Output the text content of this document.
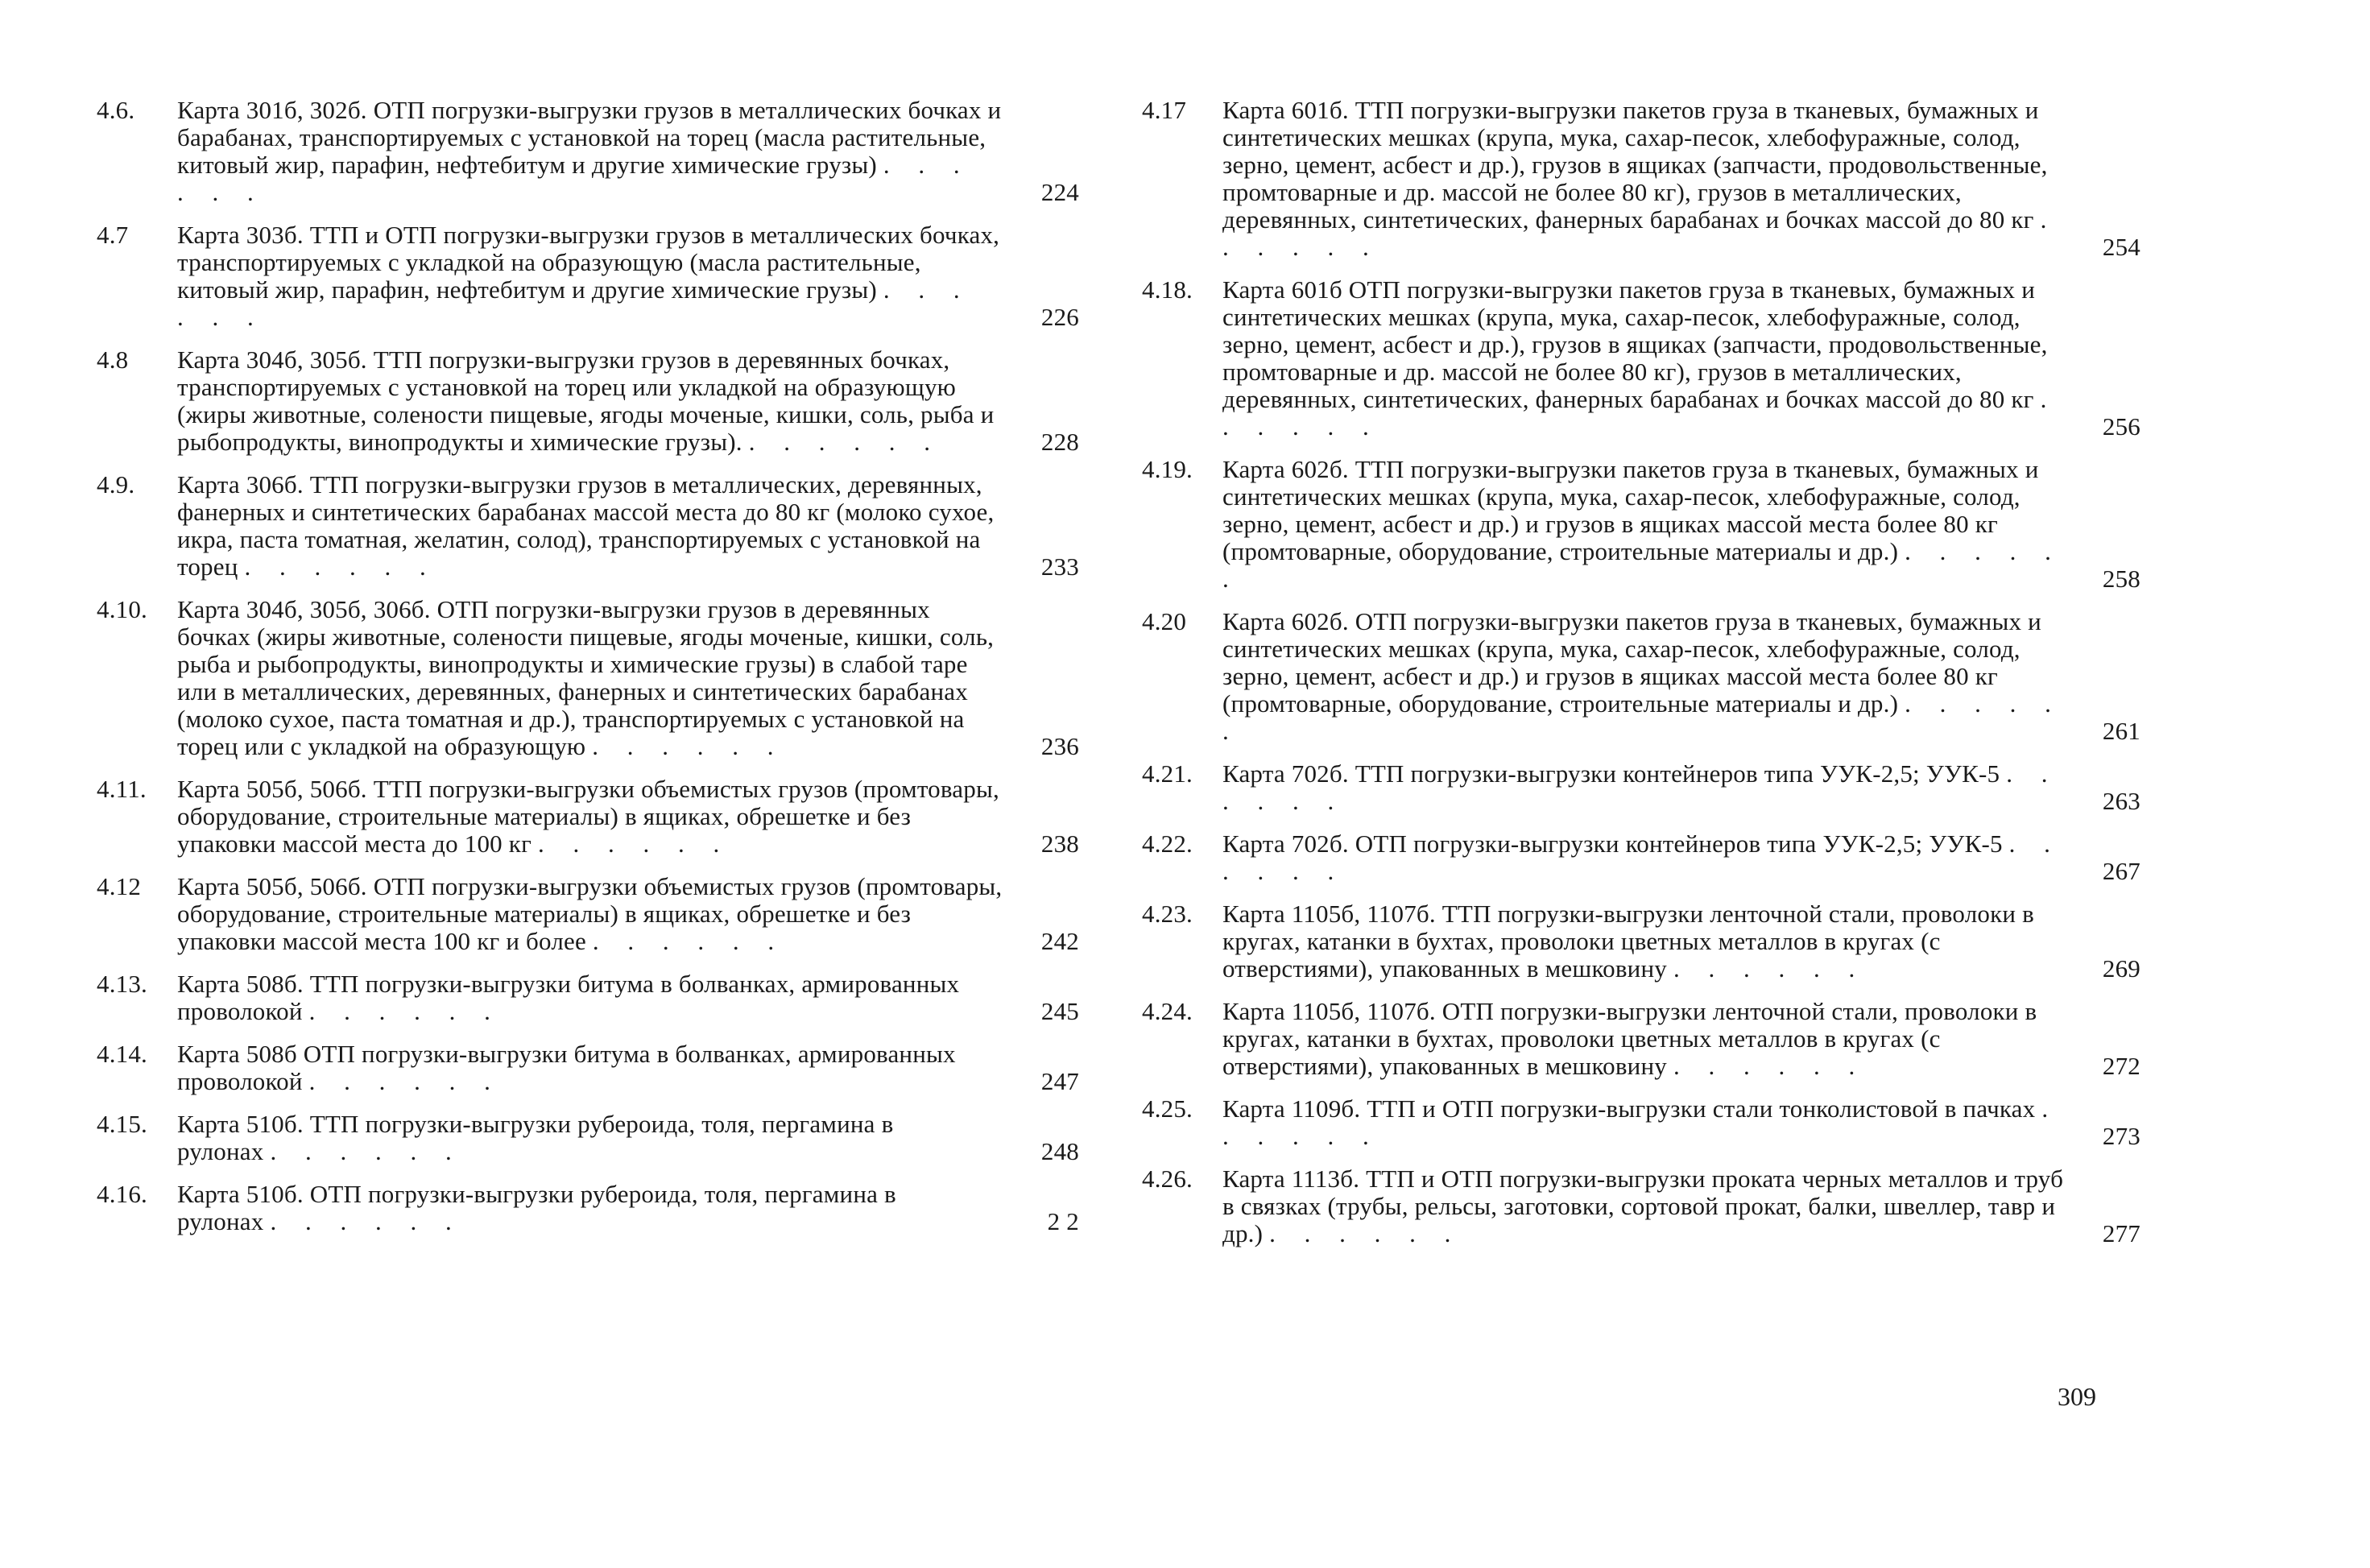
4.6.	Карта 301б, 302б. ОТП погрузки-выгрузки грузов в металлических бочках и барабанах, транспортируемых с установкой на торец (масла растительные, китовый жир, парафин, нефтебитум и другие химические грузы) . . . . . .	224
4.7	Карта 303б. ТТП и ОТП погрузки-выгрузки грузов в металлических бочках, транспортируемых с укладкой на образующую (масла растительные, китовый жир, парафин, нефтебитум и другие химические грузы) . . . . . .	226
4.8	Карта 304б, 305б. ТТП погрузки-выгрузки грузов в деревянных бочках, транспортируемых с установкой на торец или укладкой на образующую (жиры животные, солености пищевые, ягоды моченые, кишки, соль, рыба и рыбопродукты, винопродукты и химические грузы). . . . . . .	228
4.9.	Карта 306б. ТТП погрузки-выгрузки грузов в металлических, деревянных, фанерных и синтетических барабанах массой места до 80 кг (молоко сухое, икра, паста томатная, желатин, солод), транспортируемых с установкой на торец . . . . . .	233
4.10.	Карта 304б, 305б, 306б. ОТП погрузки-выгрузки грузов в деревянных бочках (жиры животные, солености пищевые, ягоды моченые, кишки, соль, рыба и рыбопродукты, винопродукты и химические грузы) в слабой таре или в металлических, деревянных, фанерных и синтетических барабанах (молоко сухое, паста томатная и др.), транспортируемых с установкой на торец или с укладкой на образующую . . . . . .	236
4.11.	Карта 505б, 506б. ТТП погрузки-выгрузки объемистых грузов (промтовары, оборудование, строительные материалы) в ящиках, обрешетке и без упаковки массой места до 100 кг . . . . . .	238
4.12	Карта 505б, 506б. ОТП погрузки-выгрузки объемистых грузов (промтовары, оборудование, строительные материалы) в ящиках, обрешетке и без упаковки массой места 100 кг и более . . . . . .	242
4.13.	Карта 508б. ТТП погрузки-выгрузки битума в болванках, армированных проволокой . . . . . .	245
4.14.	Карта 508б ОТП погрузки-выгрузки битума в болванках, армированных проволокой . . . . . .	247
4.15.	Карта 510б. ТТП погрузки-выгрузки рубероида, толя, пергамина в рулонах . . . . . .	248
4.16.	Карта 510б. ОТП погрузки-выгрузки рубероида, толя, пергамина в рулонах . . . . . .	2 2
4.17	Карта 601б. ТТП погрузки-выгрузки пакетов груза в тканевых, бумажных и синтетических мешках (крупа, мука, сахар-песок, хлебофуражные, солод, зерно, цемент, асбест и др.), грузов в ящиках (запчасти, продовольственные, промтоварные и др. массой не более 80 кг), грузов в металлических, деревянных, синтетических, фанерных барабанах и бочках массой до 80 кг . . . . . .	254
4.18.	Карта 601б ОТП погрузки-выгрузки пакетов груза в тканевых, бумажных и синтетических мешках (крупа, мука, сахар-песок, хлебофуражные, солод, зерно, цемент, асбест и др.), грузов в ящиках (запчасти, продовольственные, промтоварные и др. массой не более 80 кг), грузов в металлических, деревянных, синтетических, фанерных барабанах и бочках массой до 80 кг . . . . . .	256
4.19.	Карта 602б. ТТП погрузки-выгрузки пакетов груза в тканевых, бумажных и синтетических мешках (крупа, мука, сахар-песок, хлебофуражные, солод, зерно, цемент, асбест и др.) и грузов в ящиках массой места более 80 кг (промтоварные, оборудование, строительные материалы и др.) . . . . . .	258
4.20	Карта 602б. ОТП погрузки-выгрузки пакетов груза в тканевых, бумажных и синтетических мешках (крупа, мука, сахар-песок, хлебофуражные, солод, зерно, цемент, асбест и др.) и грузов в ящиках массой места более 80 кг (промтоварные, оборудование, строительные материалы и др.) . . . . . .	261
4.21.	Карта 702б. ТТП погрузки-выгрузки контейнеров типа УУК-2,5; УУК-5 . . . . . .	263
4.22.	Карта 702б. ОТП погрузки-выгрузки контейнеров типа УУК-2,5; УУК-5 . . . . . .	267
4.23.	Карта 1105б, 1107б. ТТП погрузки-выгрузки ленточной стали, проволоки в кругах, катанки в бухтах, проволоки цветных металлов в кругах (с отверстиями), упакованных в мешковину . . . . . .	269
4.24.	Карта 1105б, 1107б. ОТП погрузки-выгрузки ленточной стали, проволоки в кругах, катанки в бухтах, проволоки цветных металлов в кругах (с отверстиями), упакованных в мешковину . . . . . .	272
4.25.	Карта 1109б. ТТП и ОТП погрузки-выгрузки стали тонколистовой в пачках . . . . . .	273
4.26.	Карта 1113б. ТТП и ОТП погрузки-выгрузки проката черных металлов и труб в связках (трубы, рельсы, заготовки, сортовой прокат, балки, швеллер, тавр и др.) . . . . . .	277
309
